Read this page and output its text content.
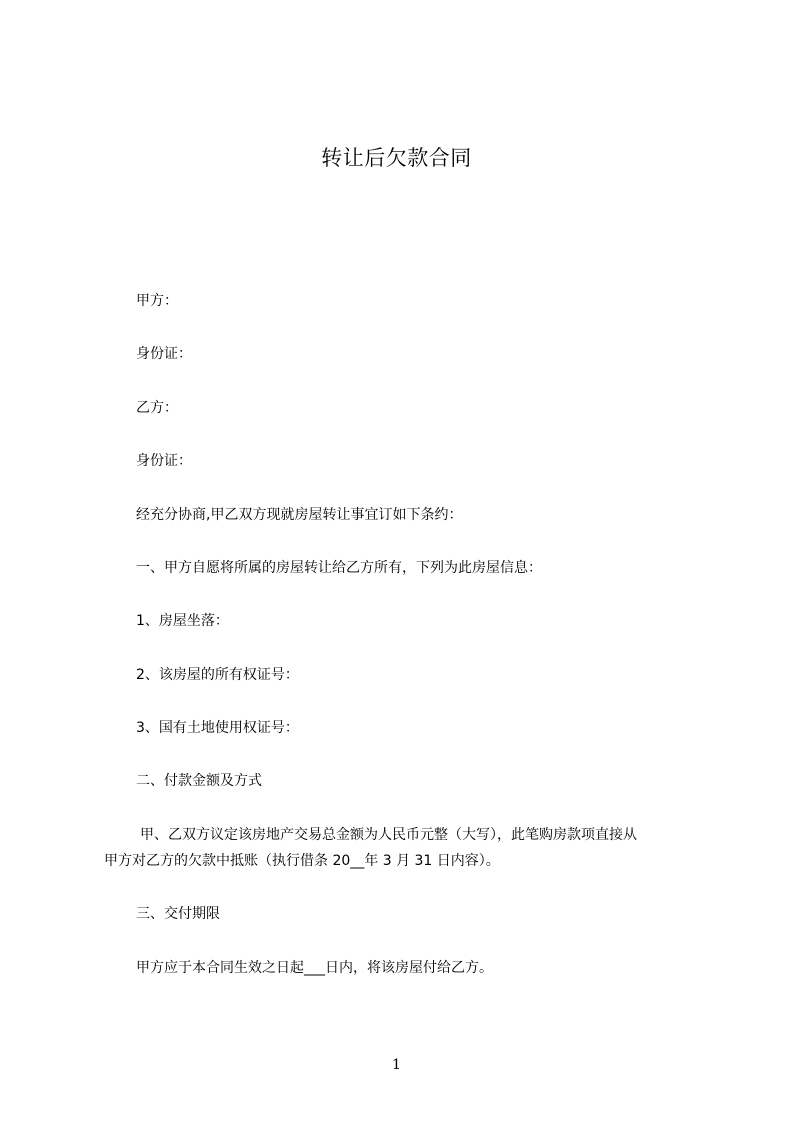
转让后欠款合同
甲方：
身份证：
乙方：
身份证：
经充分协商,甲乙双方现就房屋转让事宜订如下条约：
一、甲方自愿将所属的房屋转让给乙方所有，下列为此房屋信息：
1、房屋坐落：
2、该房屋的所有权证号：
3、国有土地使用权证号：
二、付款金额及方式
甲、乙双方议定该房地产交易总金额为人民币元整（大写），此笔购房款项直接从
甲方对乙方的欠款中抵账（执行借条 20__年 3 月 31 日内容）。
三、交付期限
甲方应于本合同生效之日起___日内，将该房屋付给乙方。
1
